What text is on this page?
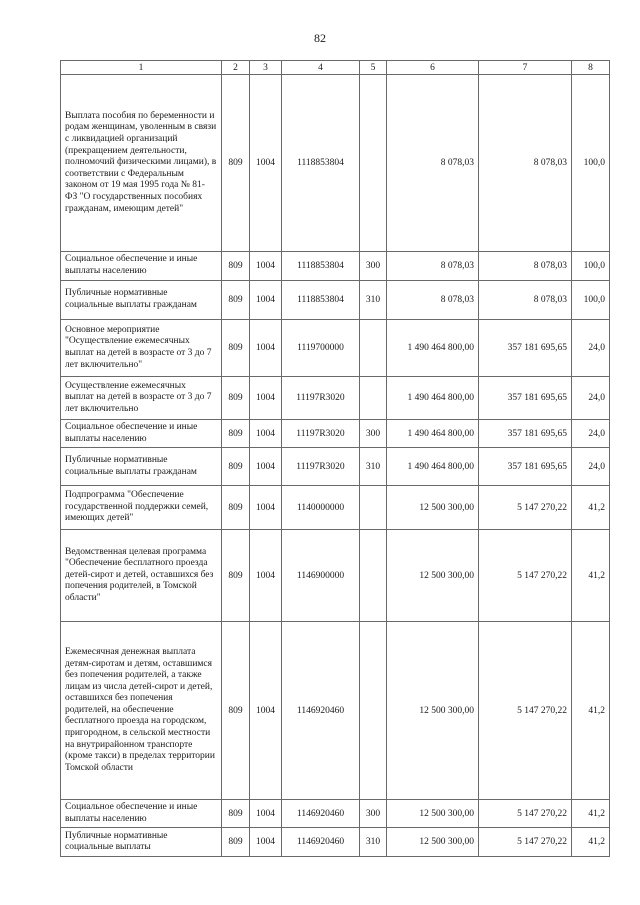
82
1	2	3	4	5	6	7	8
Выплата пособия по беременности и родам женщинам, уволенным в связи с ликвидацией организаций (прекращением деятельности, полномочий физическими лицами), в соответствии с Федеральным законом от 19 мая 1995 года № 81-ФЗ "О государственных пособиях гражданам, имеющим детей"	809	1004	1118853804		8 078,03	8 078,03	100,0
Социальное обеспечение и иные выплаты населению	809	1004	1118853804	300	8 078,03	8 078,03	100,0
Публичные нормативные социальные выплаты гражданам	809	1004	1118853804	310	8 078,03	8 078,03	100,0
Основное мероприятие "Осуществление ежемесячных выплат на детей в возрасте от 3 до 7 лет включительно"	809	1004	1119700000		1 490 464 800,00	357 181 695,65	24,0
Осуществление ежемесячных выплат на детей в возрасте от 3 до 7 лет включительно	809	1004	11197R3020		1 490 464 800,00	357 181 695,65	24,0
Социальное обеспечение и иные выплаты населению	809	1004	11197R3020	300	1 490 464 800,00	357 181 695,65	24,0
Публичные нормативные социальные выплаты гражданам	809	1004	11197R3020	310	1 490 464 800,00	357 181 695,65	24,0
Подпрограмма "Обеспечение государственной поддержки семей, имеющих детей"	809	1004	1140000000		12 500 300,00	5 147 270,22	41,2
Ведомственная целевая программа "Обеспечение бесплатного проезда детей-сирот и детей, оставшихся без попечения родителей, в Томской области"	809	1004	1146900000		12 500 300,00	5 147 270,22	41,2
Ежемесячная денежная выплата детям-сиротам и детям, оставшимся без попечения родителей, а также лицам из числа детей-сирот и детей, оставшихся без попечения родителей, на обеспечение бесплатного проезда на городском, пригородном, в сельской местности на внутрирайонном транспорте (кроме такси) в пределах территории Томской области	809	1004	1146920460		12 500 300,00	5 147 270,22	41,2
Социальное обеспечение и иные выплаты населению	809	1004	1146920460	300	12 500 300,00	5 147 270,22	41,2
Публичные нормативные социальные выплаты	809	1004	1146920460	310	12 500 300,00	5 147 270,22	41,2
